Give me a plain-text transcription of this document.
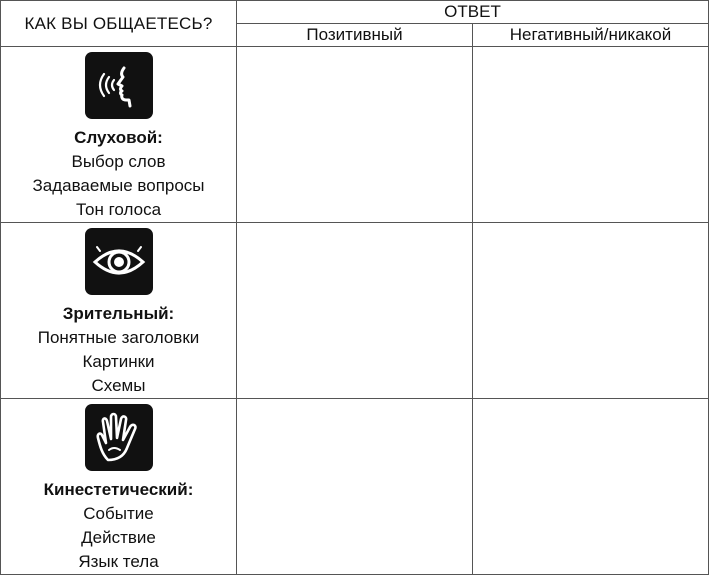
КАК ВЫ ОБЩАЕТЕСЬ?	ОТВЕТ	
	Позитивный	Негативный/никакой

Слуховой:
Выбор слов
Задаваемые вопросы
Тон голоса		

Зрительный:
Понятные заголовки
Картинки
Схемы		

Кинестетический:
Событие
Действие
Язык тела		
